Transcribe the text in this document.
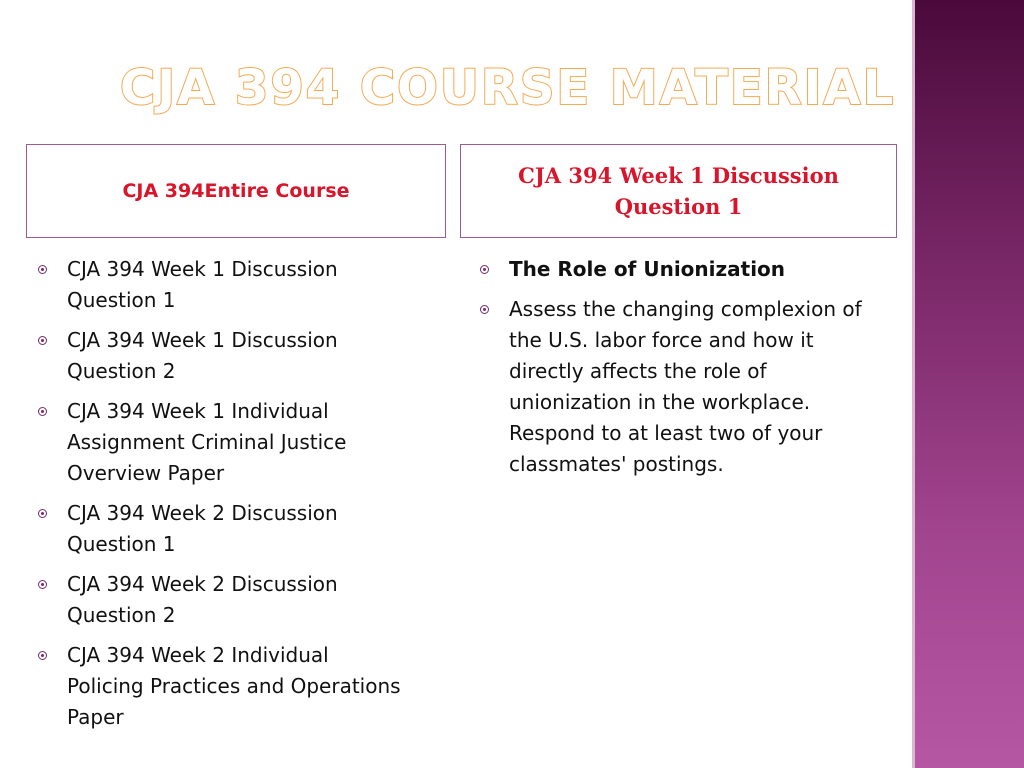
CJA 394 COURSE MATERIAL
CJA 394Entire Course
CJA 394 Week 1 Discussion Question 1
CJA 394 Week 1 Discussion Question 1
CJA 394 Week 1 Discussion Question 2
CJA 394 Week 1 Individual Assignment Criminal Justice Overview Paper
CJA 394 Week 2 Discussion Question 1
CJA 394 Week 2 Discussion Question 2
CJA 394 Week 2 Individual Policing Practices and Operations Paper
The Role of Unionization
Assess the changing complexion of the U.S. labor force and how it directly affects the role of unionization in the workplace. Respond to at least two of your classmates' postings.
